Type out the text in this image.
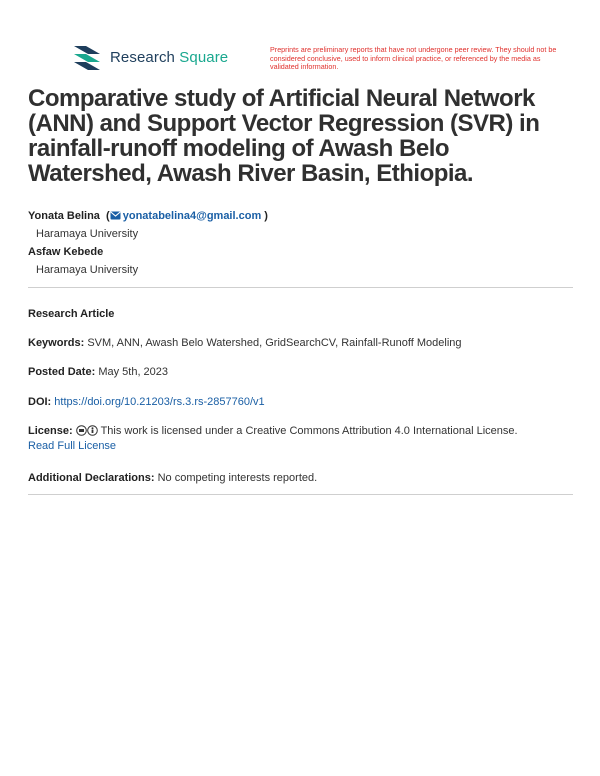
Research Square	Preprints are preliminary reports that have not undergone peer review. They should not be considered conclusive, used to inform clinical practice, or referenced by the media as validated information.
Comparative study of Artificial Neural Network (ANN) and Support Vector Regression (SVR) in rainfall-runoff modeling of Awash Belo Watershed, Awash River Basin, Ethiopia.
Yonata Belina  ( yonatabelina4@gmail.com )
Haramaya University
Asfaw Kebede
Haramaya University
Research Article
Keywords: SVM, ANN, Awash Belo Watershed, GridSearchCV, Rainfall-Runoff Modeling
Posted Date: May 5th, 2023
DOI: https://doi.org/10.21203/rs.3.rs-2857760/v1
License:	This work is licensed under a Creative Commons Attribution 4.0 International License.
Read Full License
Additional Declarations: No competing interests reported.
